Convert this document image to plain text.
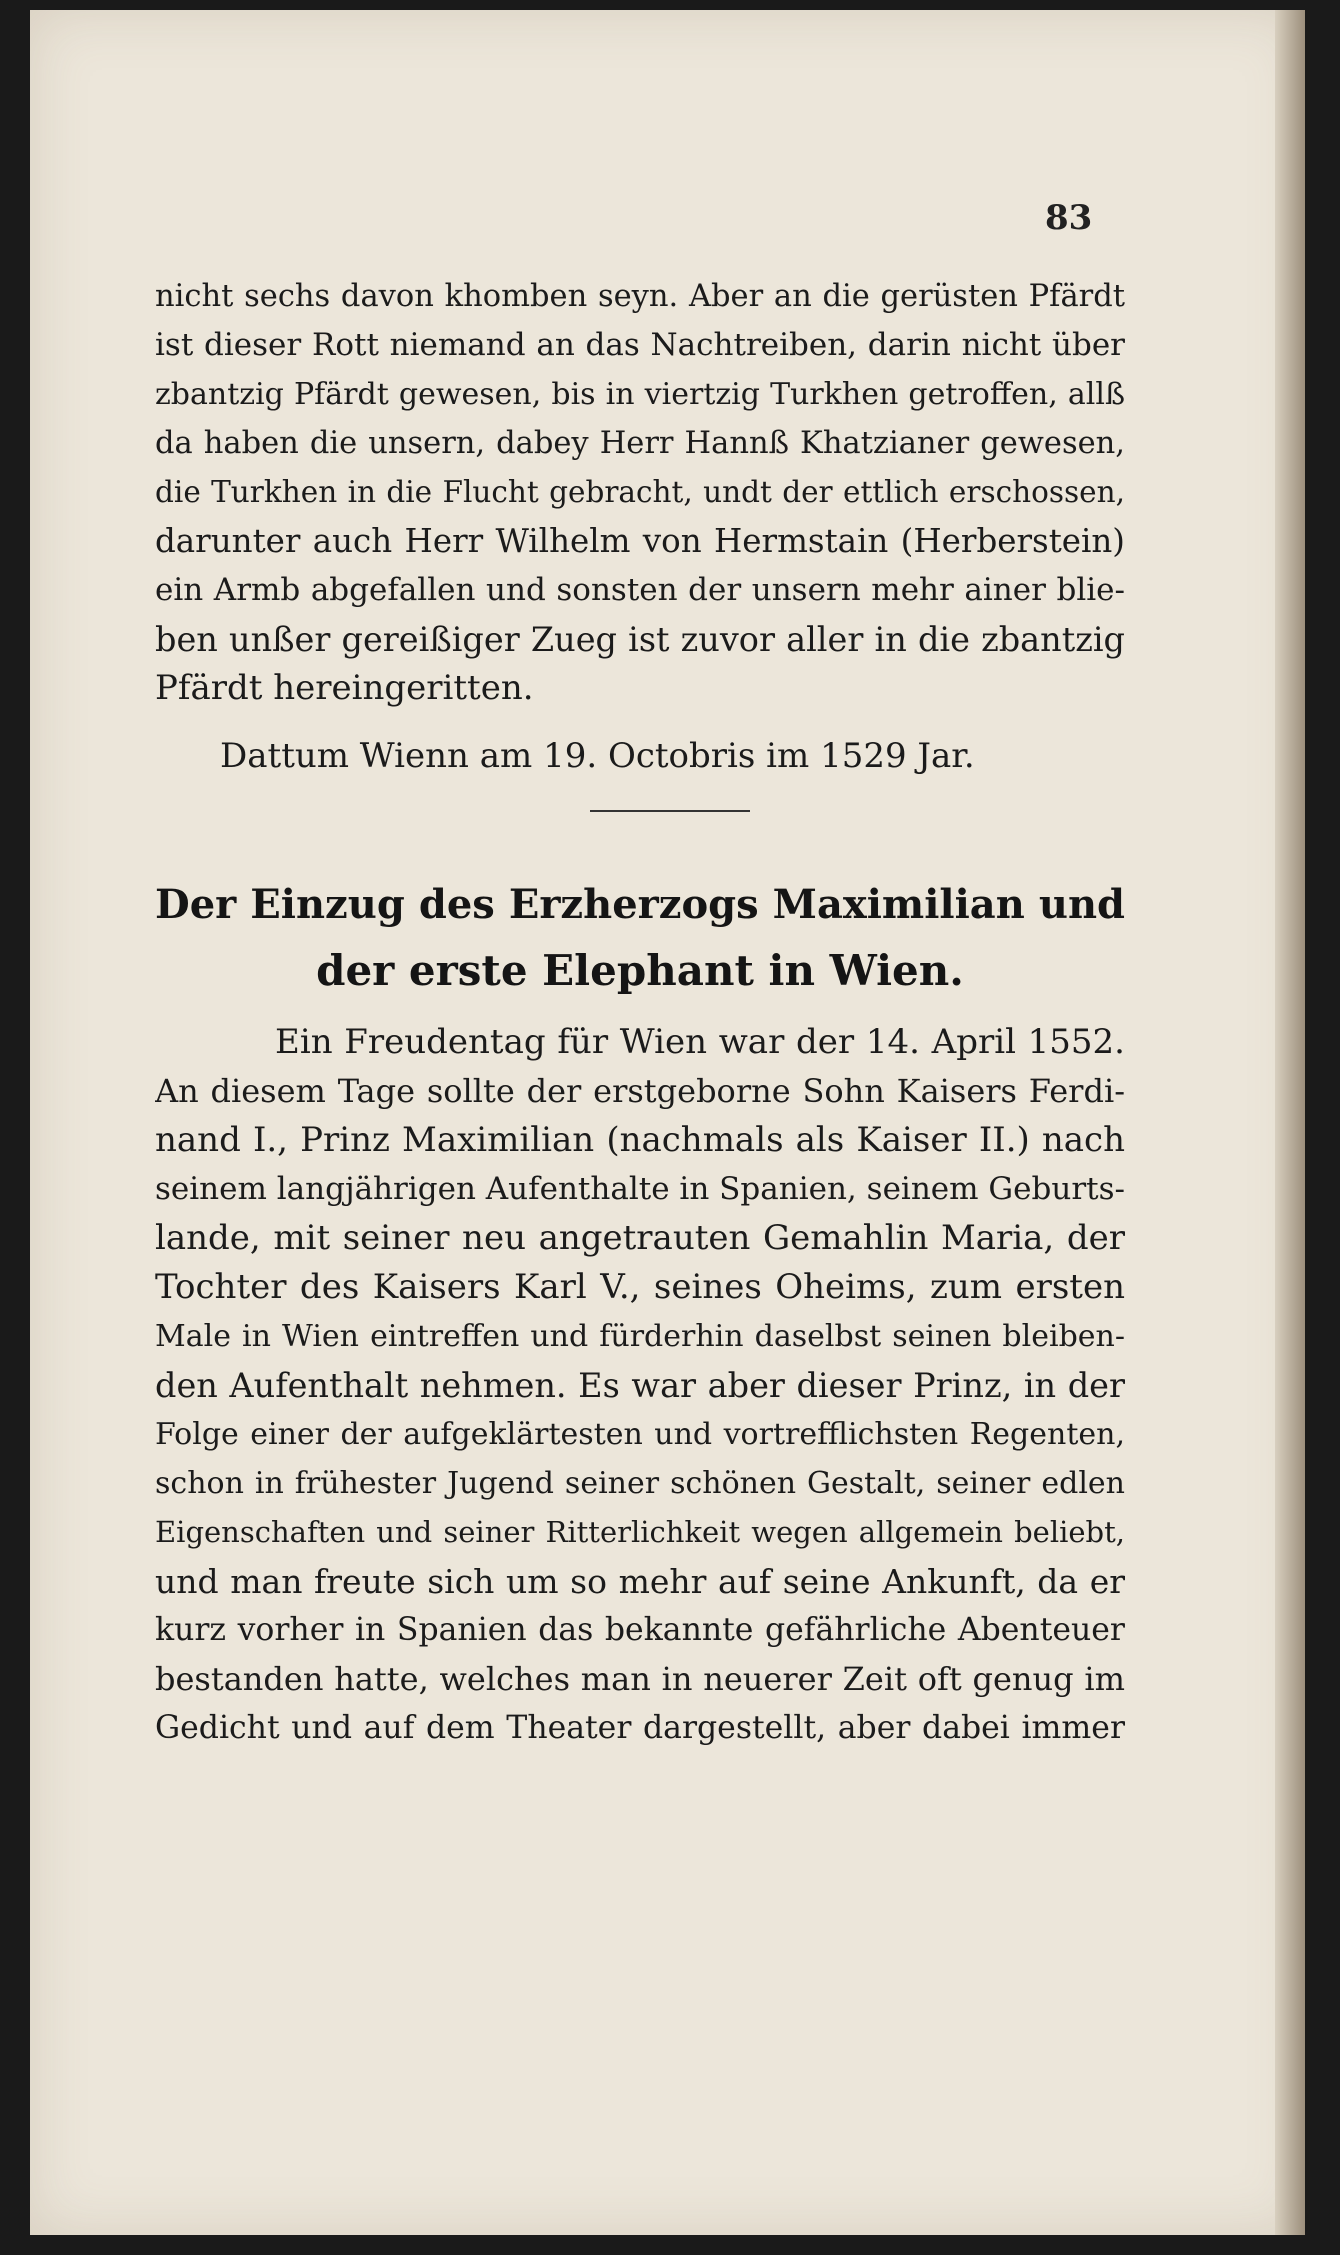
83
nicht sechs davon khomben seyn. Aber an die gerüsten Pfärdt
ist dieser Rott niemand an das Nachtreiben, darin nicht über
zbantzig Pfärdt gewesen, bis in viertzig Turkhen getroffen, allß
da haben die unsern, dabey Herr Hannß Khatzianer gewesen,
die Turkhen in die Flucht gebracht, undt der ettlich erschossen,
darunter auch Herr Wilhelm von Hermstain (Herberstein)
ein Armb abgefallen und sonsten der unsern mehr ainer blie-
ben unßer gereißiger Zueg ist zuvor aller in die zbantzig
Pfärdt hereingeritten.
Dattum Wienn am 19. Octobris im 1529 Jar.
Der Einzug des Erzherzogs Maximilian und
der erste Elephant in Wien.
Ein Freudentag für Wien war der 14. April 1552.
An diesem Tage sollte der erstgeborne Sohn Kaisers Ferdi-
nand I., Prinz Maximilian (nachmals als Kaiser II.) nach
seinem langjährigen Aufenthalte in Spanien, seinem Geburts-
lande, mit seiner neu angetrauten Gemahlin Maria, der
Tochter des Kaisers Karl V., seines Oheims, zum ersten
Male in Wien eintreffen und fürderhin daselbst seinen bleiben-
den Aufenthalt nehmen. Es war aber dieser Prinz, in der
Folge einer der aufgeklärtesten und vortrefflichsten Regenten,
schon in frühester Jugend seiner schönen Gestalt, seiner edlen
Eigenschaften und seiner Ritterlichkeit wegen allgemein beliebt,
und man freute sich um so mehr auf seine Ankunft, da er
kurz vorher in Spanien das bekannte gefährliche Abenteuer
bestanden hatte, welches man in neuerer Zeit oft genug im
Gedicht und auf dem Theater dargestellt, aber dabei immer
